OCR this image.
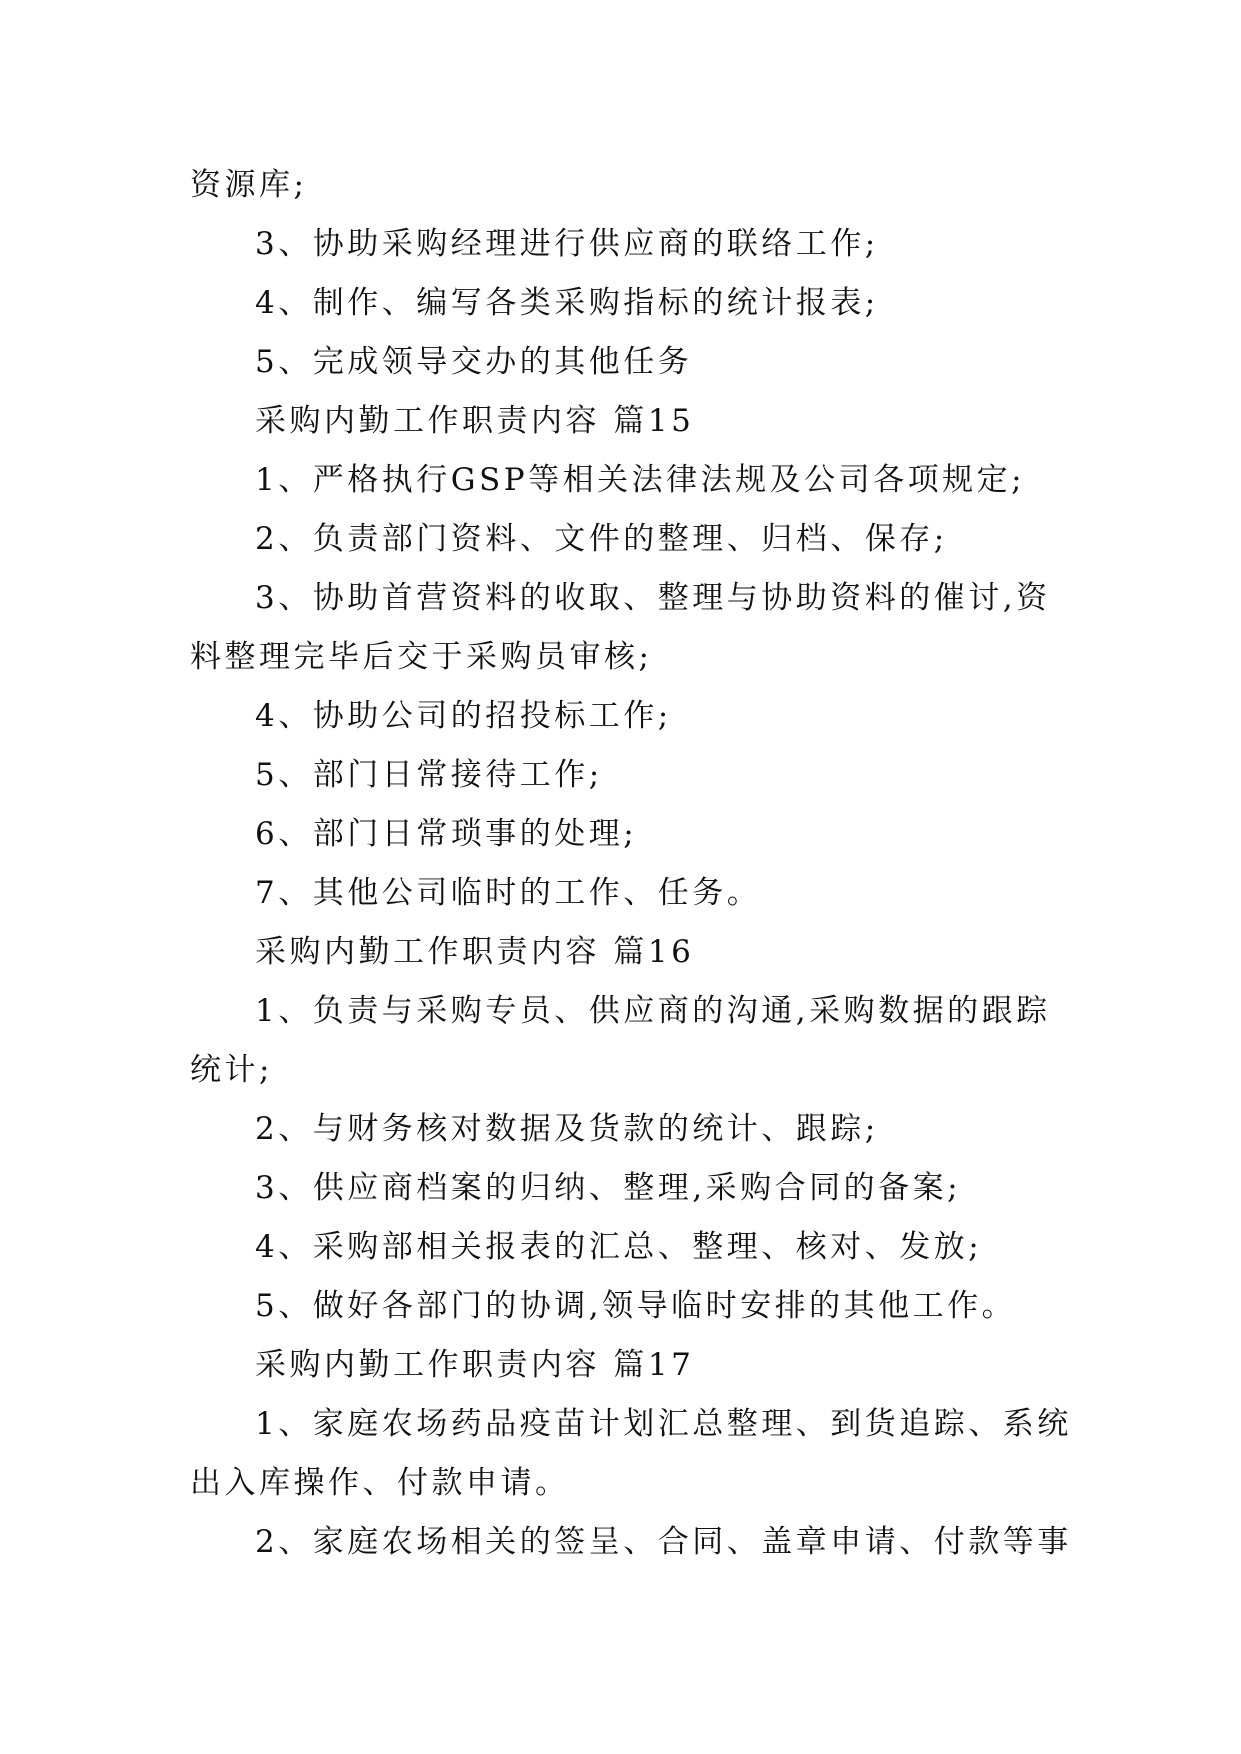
资源库;
3、协助采购经理进行供应商的联络工作;
4、制作、编写各类采购指标的统计报表;
5、完成领导交办的其他任务
采购内勤工作职责内容 篇15
1、严格执行GSP等相关法律法规及公司各项规定;
2、负责部门资料、文件的整理、归档、保存;
3、协助首营资料的收取、整理与协助资料的催讨,资
料整理完毕后交于采购员审核;
4、协助公司的招投标工作;
5、部门日常接待工作;
6、部门日常琐事的处理;
7、其他公司临时的工作、任务。
采购内勤工作职责内容 篇16
1、负责与采购专员、供应商的沟通,采购数据的跟踪
统计;
2、与财务核对数据及货款的统计、跟踪;
3、供应商档案的归纳、整理,采购合同的备案;
4、采购部相关报表的汇总、整理、核对、发放;
5、做好各部门的协调,领导临时安排的其他工作。
采购内勤工作职责内容 篇17
1、家庭农场药品疫苗计划汇总整理、到货追踪、系统
出入库操作、付款申请。
2、家庭农场相关的签呈、合同、盖章申请、付款等事
